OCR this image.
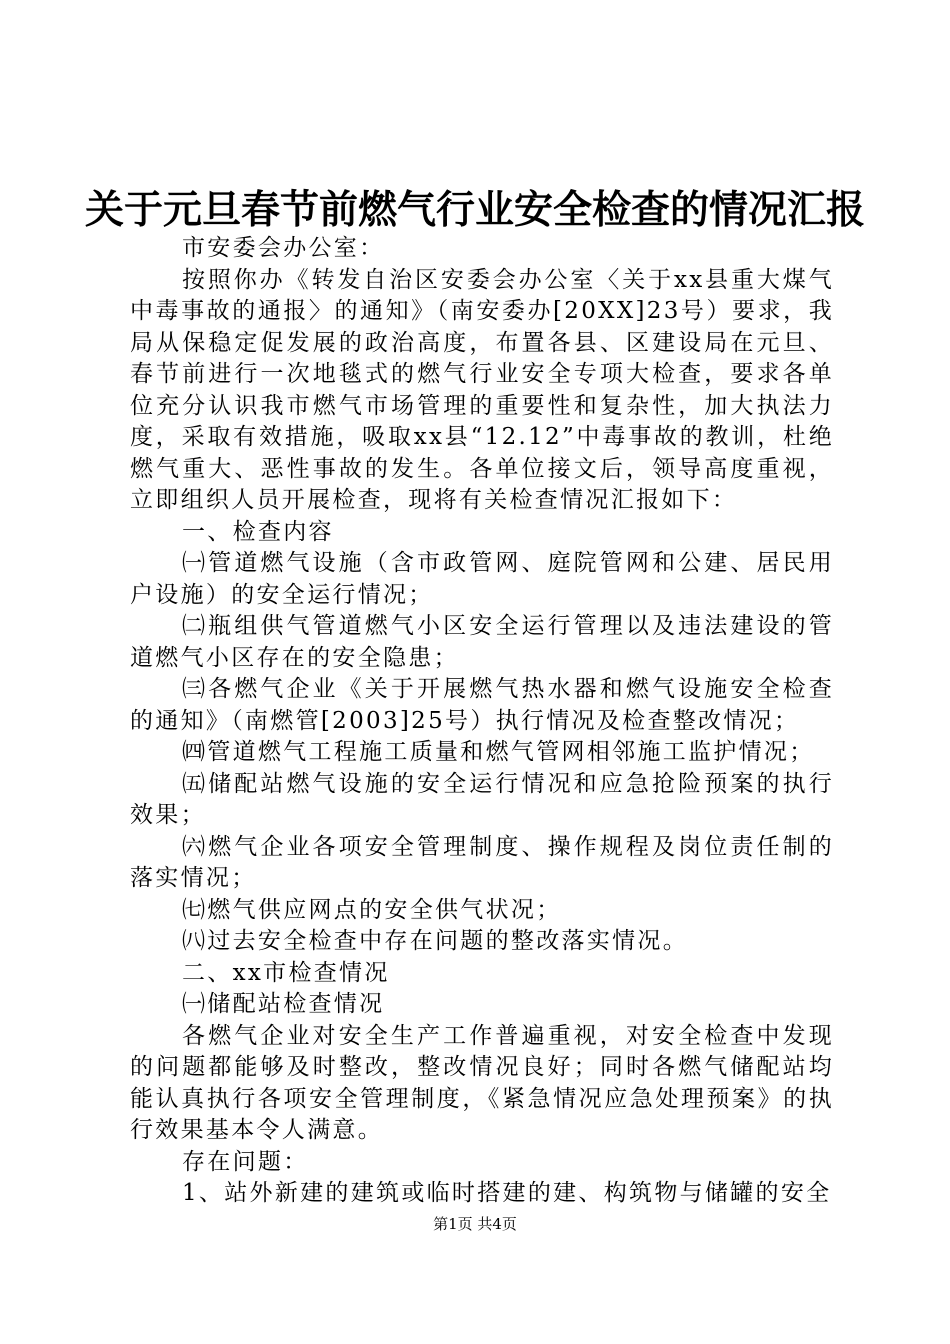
关于元旦春节前燃气行业安全检查的情况汇报

市安委会办公室：

按照你办《转发自治区安委会办公室〈关于xx县重大煤气中毒事故的通报〉的通知》（南安委办[20XX]23号）要求，我局从保稳定促发展的政治高度，布置各县、区建设局在元旦、春节前进行一次地毯式的燃气行业安全专项大检查，要求各单位充分认识我市燃气市场管理的重要性和复杂性，加大执法力度，采取有效措施，吸取xx县“12.12”中毒事故的教训，杜绝燃气重大、恶性事故的发生。各单位接文后，领导高度重视，立即组织人员开展检查，现将有关检查情况汇报如下：

一、检查内容

㈠管道燃气设施（含市政管网、庭院管网和公建、居民用户设施）的安全运行情况；

㈡瓶组供气管道燃气小区安全运行管理以及违法建设的管道燃气小区存在的安全隐患；

㈢各燃气企业《关于开展燃气热水器和燃气设施安全检查的通知》（南燃管[2003]25号）执行情况及检查整改情况；

㈣管道燃气工程施工质量和燃气管网相邻施工监护情况；

㈤储配站燃气设施的安全运行情况和应急抢险预案的执行效果；

㈥燃气企业各项安全管理制度、操作规程及岗位责任制的落实情况；

㈦燃气供应网点的安全供气状况；

㈧过去安全检查中存在问题的整改落实情况。

二、xx市检查情况

㈠储配站检查情况

各燃气企业对安全生产工作普遍重视，对安全检查中发现的问题都能够及时整改，整改情况良好；同时各燃气储配站均能认真执行各项安全管理制度，《紧急情况应急处理预案》的执行效果基本令人满意。

存在问题：

1、站外新建的建筑或临时搭建的建、构筑物与储罐的安全

第1页 共4页
